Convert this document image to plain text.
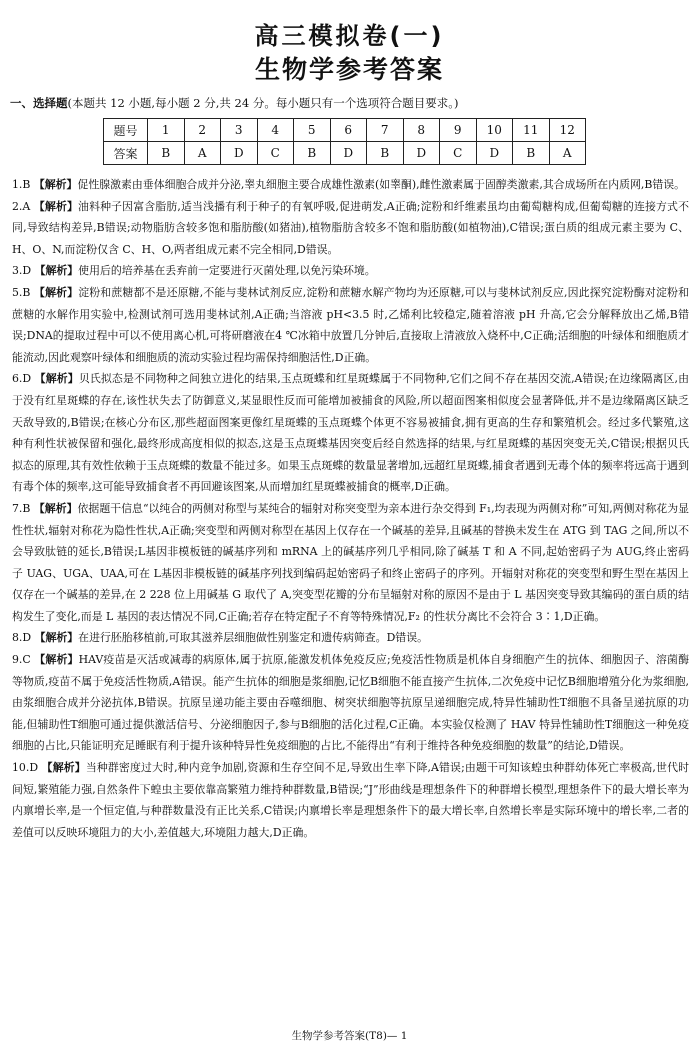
高三模拟卷(一)
生物学参考答案
一、选择题(本题共 12 小题,每小题 2 分,共 24 分。每小题只有一个选项符合题目要求。)
题号	1	2	3	4	5	6	7	8	9	10	11	12
答案	B	A	D	C	B	D	B	D	C	D	B	A

1.B 【解析】促性腺激素由垂体细胞合成并分泌,睾丸细胞主要合成雄性激素(如睾酮),雌性激素属于固醇类激素,其合成场所在内质网,B错误。

2.A 【解析】油料种子因富含脂肪,适当浅播有利于种子的有氧呼吸,促进萌发,A正确;淀粉和纤维素虽均由葡萄糖构成,但葡萄糖的连接方式不同,导致结构差异,B错误;动物脂肪含较多饱和脂肪酸(如猪油),植物脂肪含较多不饱和脂肪酸(如植物油),C错误;蛋白质的组成元素主要为 C、H、O、N,而淀粉仅含 C、H、O,两者组成元素不完全相同,D错误。

3.D 【解析】使用后的培养基在丢弃前一定要进行灭菌处理,以免污染环境。

5.B 【解析】淀粉和蔗糖都不是还原糖,不能与斐林试剂反应,淀粉和蔗糖水解产物均为还原糖,可以与斐林试剂反应,因此探究淀粉酶对淀粉和蔗糖的水解作用实验中,检测试剂可选用斐林试剂,A正确;当溶液 pH<3.5 时,乙烯利比较稳定,随着溶液 pH 升高,它会分解释放出乙烯,B错误;DNA的提取过程中可以不使用离心机,可将研磨液在4 ℃冰箱中放置几分钟后,直接取上清液放入烧杯中,C正确;活细胞的叶绿体和细胞质才能流动,因此观察叶绿体和细胞质的流动实验过程均需保持细胞活性,D正确。

6.D 【解析】贝氏拟态是不同物种之间独立进化的结果,玉点斑蝶和红星斑蝶属于不同物种,它们之间不存在基因交流,A错误;在边缘隔离区,由于没有红星斑蝶的存在,该性状失去了防御意义,某显眼性反而可能增加被捕食的风险,所以超面图案相似度会显著降低,并不是边缘隔离区缺乏天敌导致的,B错误;在核心分布区,那些超面图案更像红星斑蝶的玉点斑蝶个体更不容易被捕食,拥有更高的生存和繁殖机会。经过多代繁殖,这种有利性状被保留和强化,最终形成高度相似的拟态,这是玉点斑蝶基因突变后经自然选择的结果,与红星斑蝶的基因突变无关,C错误;根据贝氏拟态的原理,其有效性依赖于玉点斑蝶的数量不能过多。如果玉点斑蝶的数量显著增加,远超红星斑蝶,捕食者遇到无毒个体的频率将远高于遇到有毒个体的频率,这可能导致捕食者不再回避该图案,从而增加红星斑蝶被捕食的概率,D正确。

7.B 【解析】依据题干信息“以纯合的两侧对称型与某纯合的辐射对称突变型为亲本进行杂交得到 F₁,均表现为两侧对称”可知,两侧对称花为显性性状,辐射对称花为隐性性状,A正确;突变型和两侧对称型在基因上仅存在一个碱基的差异,且碱基的替换未发生在 ATG 到 TAG 之间,所以不会导致肽链的延长,B错误;L基因非模板链的碱基序列和 mRNA 上的碱基序列几乎相同,除了碱基 T 和 A 不同,起始密码子为 AUG,终止密码子 UAG、UGA、UAA,可在 L基因非模板链的碱基序列找到编码起始密码子和终止密码子的序列。开辐射对称花的突变型和野生型在基因上仅存在一个碱基的差异,在 2 228 位上用碱基 G 取代了 A,突变型花瓣的分布呈辐射对称的原因不是由于 L 基因突变导致其编码的蛋白质的结构发生了变化,而是 L 基因的表达情况不同,C正确;若存在特定配子不育等特殊情况,F₂ 的性状分离比不会符合 3∶1,D正确。

8.D 【解析】在进行胚胎移植前,可取其滋养层细胞做性别鉴定和遗传病筛查。D错误。

9.C 【解析】HAV疫苗是灭活或减毒的病原体,属于抗原,能激发机体免疫反应;免疫活性物质是机体自身细胞产生的抗体、细胞因子、溶菌酶等物质,疫苗不属于免疫活性物质,A错误。能产生抗体的细胞是浆细胞,记忆B细胞不能直接产生抗体,二次免疫中记忆B细胞增殖分化为浆细胞,由浆细胞合成并分泌抗体,B错误。抗原呈递功能主要由吞噬细胞、树突状细胞等抗原呈递细胞完成,特异性辅助性T细胞不具备呈递抗原的功能,但辅助性T细胞可通过提供激活信号、分泌细胞因子,参与B细胞的活化过程,C正确。本实验仅检测了 HAV 特异性辅助性T细胞这一种免疫细胞的占比,只能证明充足睡眠有利于提升该种特异性免疫细胞的占比,不能得出“有利于维持各种免疫细胞的数量”的结论,D错误。

10.D 【解析】当种群密度过大时,种内竞争加剧,资源和生存空间不足,导致出生率下降,A错误;由题干可知该蝗虫种群幼体死亡率极高,世代时间短,繁殖能力强,自然条件下蝗虫主要依靠高繁殖力维持种群数量,B错误;“J”形曲线是理想条件下的种群增长模型,理想条件下的最大增长率为内禀增长率,是一个恒定值,与种群数量没有正比关系,C错误;内禀增长率是理想条件下的最大增长率,自然增长率是实际环境中的增长率,二者的差值可以反映环境阻力的大小,差值越大,环境阻力越大,D正确。

生物学参考答案(T8)— 1
